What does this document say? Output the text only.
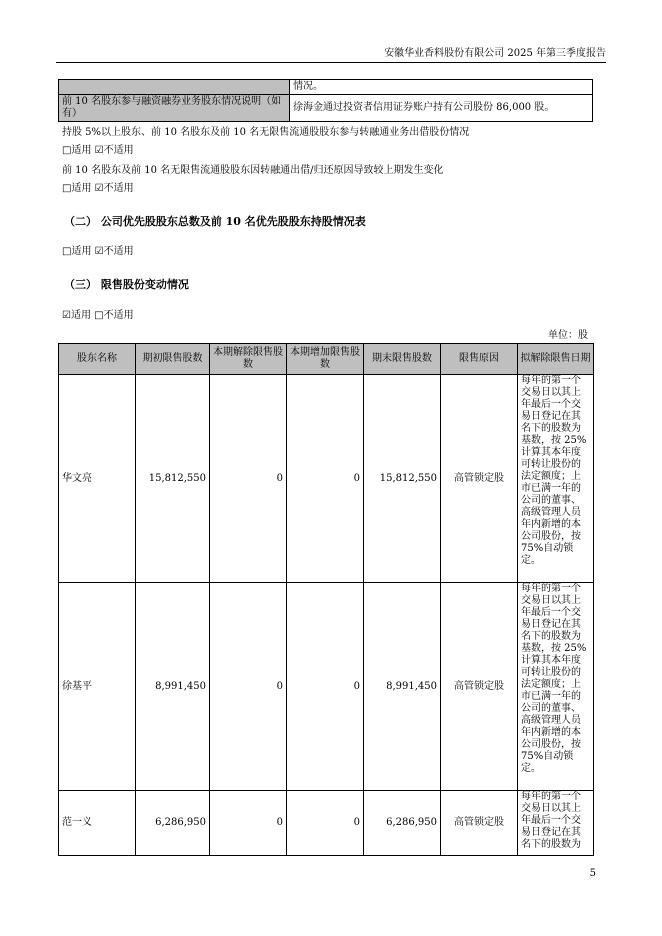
安徽华业香料股份有限公司 2025 年第三季度报告
	情况。
前 10 名股东参与融资融券业务股东情况说明（如有）	徐海金通过投资者信用证券账户持有公司股份 86,000 股。
持股 5%以上股东、前 10 名股东及前 10 名无限售流通股股东参与转融通业务出借股份情况
□适用 ☑不适用
前 10 名股东及前 10 名无限售流通股股东因转融通出借/归还原因导致较上期发生变化
□适用 ☑不适用
（二） 公司优先股股东总数及前 10 名优先股股东持股情况表
□适用 ☑不适用
（三） 限售股份变动情况
☑适用 □不适用
单位：股
股东名称	期初限售股数	本期解除限售股数	本期增加限售股数	期末限售股数	限售原因	拟解除限售日期
华文亮	15,812,550	0	0	15,812,550	高管锁定股	每年的第一个交易日以其上年最后一个交易日登记在其名下的股数为基数，按 25%计算其本年度可转让股份的法定额度；上市已满一年的公司的董事、高级管理人员年内新增的本公司股份，按 75%自动锁定。

徐基平	8,991,450	0	0	8,991,450	高管锁定股	每年的第一个交易日以其上年最后一个交易日登记在其名下的股数为基数，按 25%计算其本年度可转让股份的法定额度；上市已满一年的公司的董事、高级管理人员年内新增的本公司股份，按 75%自动锁定。

范一义	6,286,950	0	0	6,286,950	高管锁定股	每年的第一个交易日以其上年最后一个交易日登记在其名下的股数为
5
